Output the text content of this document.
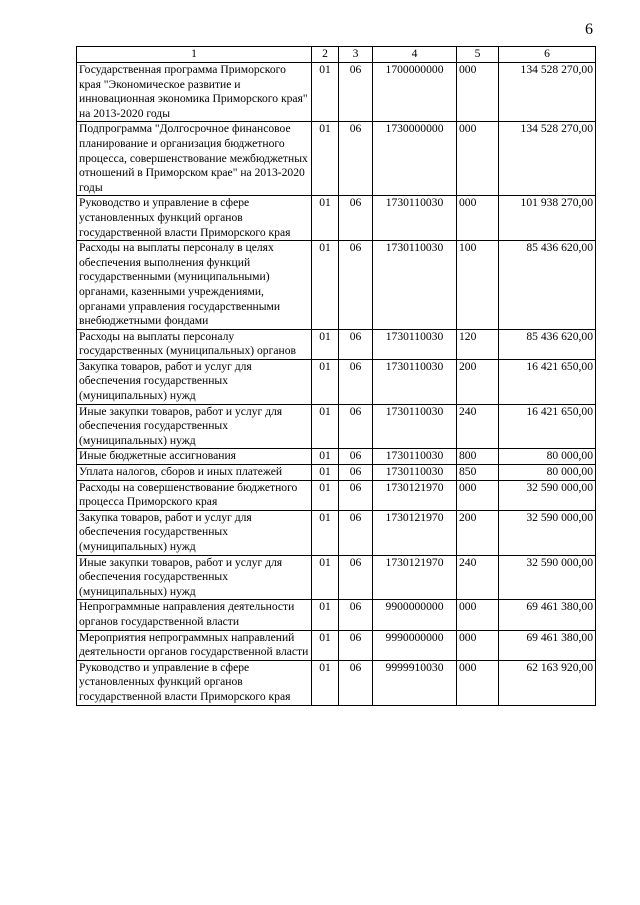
6
1	2	3	4	5	6
Государственная программа Приморского края "Экономическое развитие и инновационная экономика Приморского края" на 2013-2020 годы	01	06	1700000000	000	134 528 270,00
Подпрограмма "Долгосрочное финансовое планирование и организация бюджетного процесса, совершенствование межбюджетных отношений в Приморском крае" на 2013-2020 годы	01	06	1730000000	000	134 528 270,00
Руководство и управление в сфере установленных функций органов государственной власти Приморского края	01	06	1730110030	000	101 938 270,00
Расходы на выплаты персоналу в целях обеспечения выполнения функций государственными (муниципальными) органами, казенными учреждениями, органами управления государственными внебюджетными фондами	01	06	1730110030	100	85 436 620,00
Расходы на выплаты персоналу государственных (муниципальных) органов	01	06	1730110030	120	85 436 620,00
Закупка товаров, работ и услуг для обеспечения государственных (муниципальных) нужд	01	06	1730110030	200	16 421 650,00
Иные закупки товаров, работ и услуг для обеспечения государственных (муниципальных) нужд	01	06	1730110030	240	16 421 650,00
Иные бюджетные ассигнования	01	06	1730110030	800	80 000,00
Уплата налогов, сборов и иных платежей	01	06	1730110030	850	80 000,00
Расходы на совершенствование бюджетного процесса Приморского края	01	06	1730121970	000	32 590 000,00
Закупка товаров, работ и услуг для обеспечения государственных (муниципальных) нужд	01	06	1730121970	200	32 590 000,00
Иные закупки товаров, работ и услуг для обеспечения государственных (муниципальных) нужд	01	06	1730121970	240	32 590 000,00
Непрограммные направления деятельности органов государственной власти	01	06	9900000000	000	69 461 380,00
Мероприятия непрограммных направлений деятельности органов государственной власти	01	06	9990000000	000	69 461 380,00
Руководство и управление в сфере установленных функций органов государственной власти Приморского края	01	06	9999910030	000	62 163 920,00
